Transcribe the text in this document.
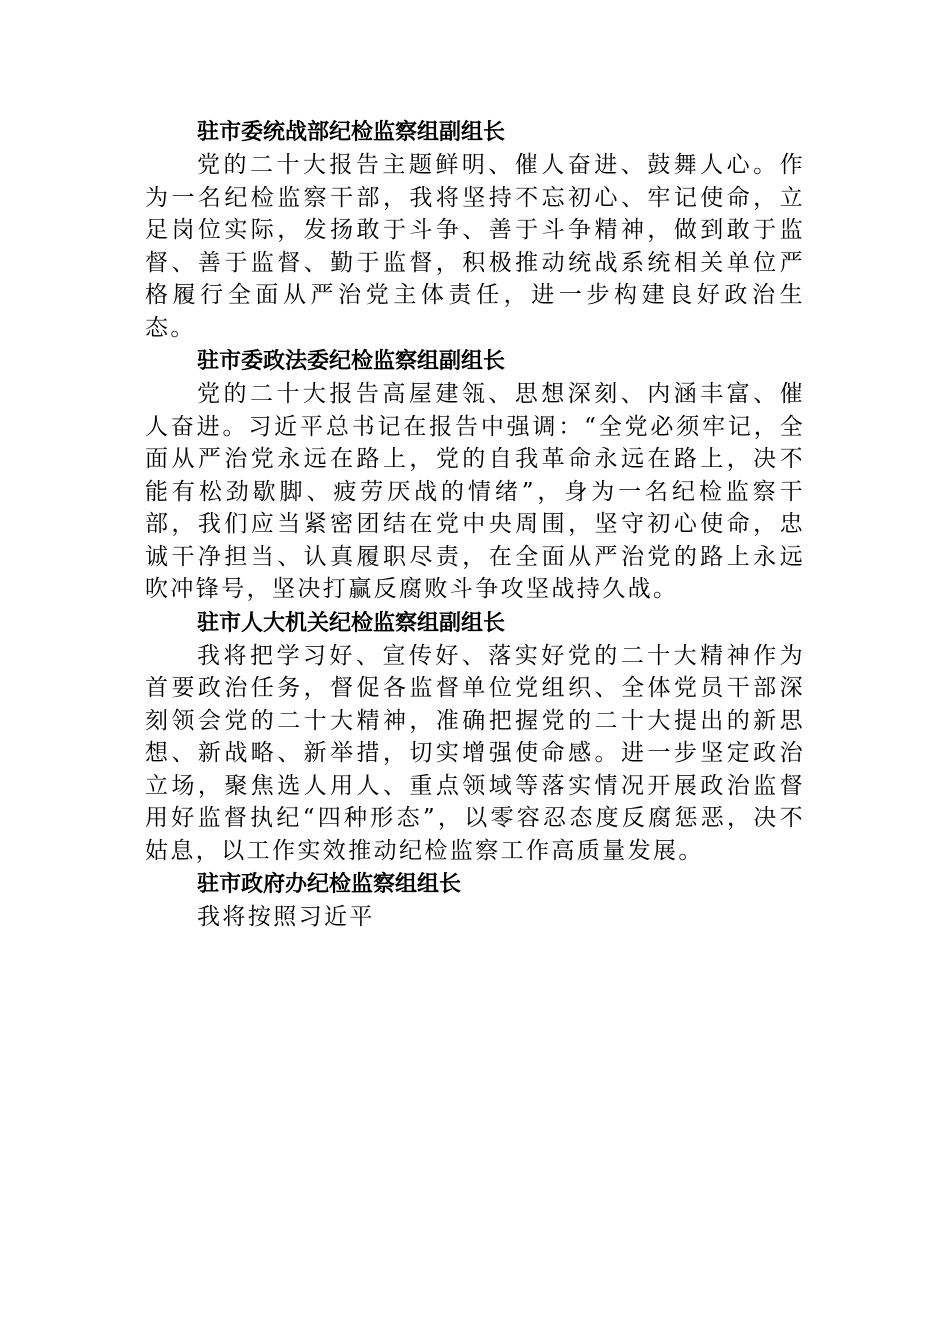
驻市委统战部纪检监察组副组长

党的二十大报告主题鲜明、催人奋进、鼓舞人心。作为一名纪检监察干部，我将坚持不忘初心、牢记使命，立足岗位实际，发扬敢于斗争、善于斗争精神，做到敢于监督、善于监督、勤于监督，积极推动统战系统相关单位严格履行全面从严治党主体责任，进一步构建良好政治生态。

驻市委政法委纪检监察组副组长

党的二十大报告高屋建瓴、思想深刻、内涵丰富、催人奋进。习近平总书记在报告中强调：“全党必须牢记，全面从严治党永远在路上，党的自我革命永远在路上，决不能有松劲歇脚、疲劳厌战的情绪”，身为一名纪检监察干部，我们应当紧密团结在党中央周围，坚守初心使命，忠诚干净担当、认真履职尽责，在全面从严治党的路上永远吹冲锋号，坚决打赢反腐败斗争攻坚战持久战。

驻市人大机关纪检监察组副组长

我将把学习好、宣传好、落实好党的二十大精神作为首要政治任务，督促各监督单位党组织、全体党员干部深刻领会党的二十大精神，准确把握党的二十大提出的新思想、新战略、新举措，切实增强使命感。进一步坚定政治立场，聚焦选人用人、重点领域等落实情况开展政治监督用好监督执纪“四种形态”，以零容忍态度反腐惩恶，决不姑息，以工作实效推动纪检监察工作高质量发展。

驻市政府办纪检监察组组长

我将按照习近平
